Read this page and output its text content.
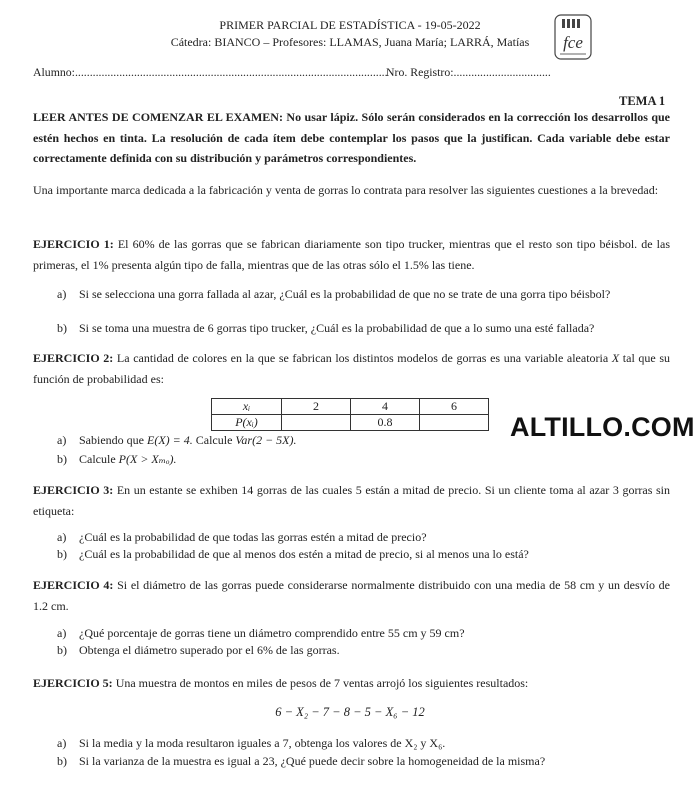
PRIMER PARCIAL DE ESTADÍSTICA - 19-05-2022
Cátedra: BIANCO – Profesores: LLAMAS, Juana María; LARRÁ, Matías	fce
Alumno:..........................................................................................................
Nro. Registro:.................................
TEMA 1
LEER ANTES DE COMENZAR EL EXAMEN: No usar lápiz. Sólo serán considerados en la corrección los desarrollos que estén hechos en tinta. La resolución de cada ítem debe contemplar los pasos que la justifican. Cada variable debe estar correctamente definida con su distribución y parámetros correspondientes.
Una importante marca dedicada a la fabricación y venta de gorras lo contrata para resolver las siguientes cuestiones a la brevedad:
EJERCICIO 1: El 60% de las gorras que se fabrican diariamente son tipo trucker, mientras que el resto son tipo béisbol. de las primeras, el 1% presenta algún tipo de falla, mientras que de las otras sólo el 1.5% las tiene.
a) Si se selecciona una gorra fallada al azar, ¿Cuál es la probabilidad de que no se trate de una gorra tipo béisbol?
b) Si se toma una muestra de 6 gorras tipo trucker, ¿Cuál es la probabilidad de que a lo sumo una esté fallada?
EJERCICIO 2: La cantidad de colores en la que se fabrican los distintos modelos de gorras es una variable aleatoria X tal que su función de probabilidad es:
xᵢ	2	4	6
P(xᵢ)		0.8		ALTILLO.COM
a) Sabiendo que E(X) = 4. Calcule Var(2 − 5X).
b) Calcule P(X > Xₘₒ).
EJERCICIO 3: En un estante se exhiben 14 gorras de las cuales 5 están a mitad de precio. Si un cliente toma al azar 3 gorras sin etiqueta:
a) ¿Cuál es la probabilidad de que todas las gorras estén a mitad de precio?
b) ¿Cuál es la probabilidad de que al menos dos estén a mitad de precio, si al menos una lo está?
EJERCICIO 4: Si el diámetro de las gorras puede considerarse normalmente distribuido con una media de 58 cm y un desvío de 1.2 cm.
a) ¿Qué porcentaje de gorras tiene un diámetro comprendido entre 55 cm y 59 cm?
b) Obtenga el diámetro superado por el 6% de las gorras.
EJERCICIO 5: Una muestra de montos en miles de pesos de 7 ventas arrojó los siguientes resultados:
6 − X₂ − 7 − 8 − 5 − X₆ − 12
a) Si la media y la moda resultaron iguales a 7, obtenga los valores de X₂ y X₆.
b) Si la varianza de la muestra es igual a 23, ¿Qué puede decir sobre la homogeneidad de la misma?
